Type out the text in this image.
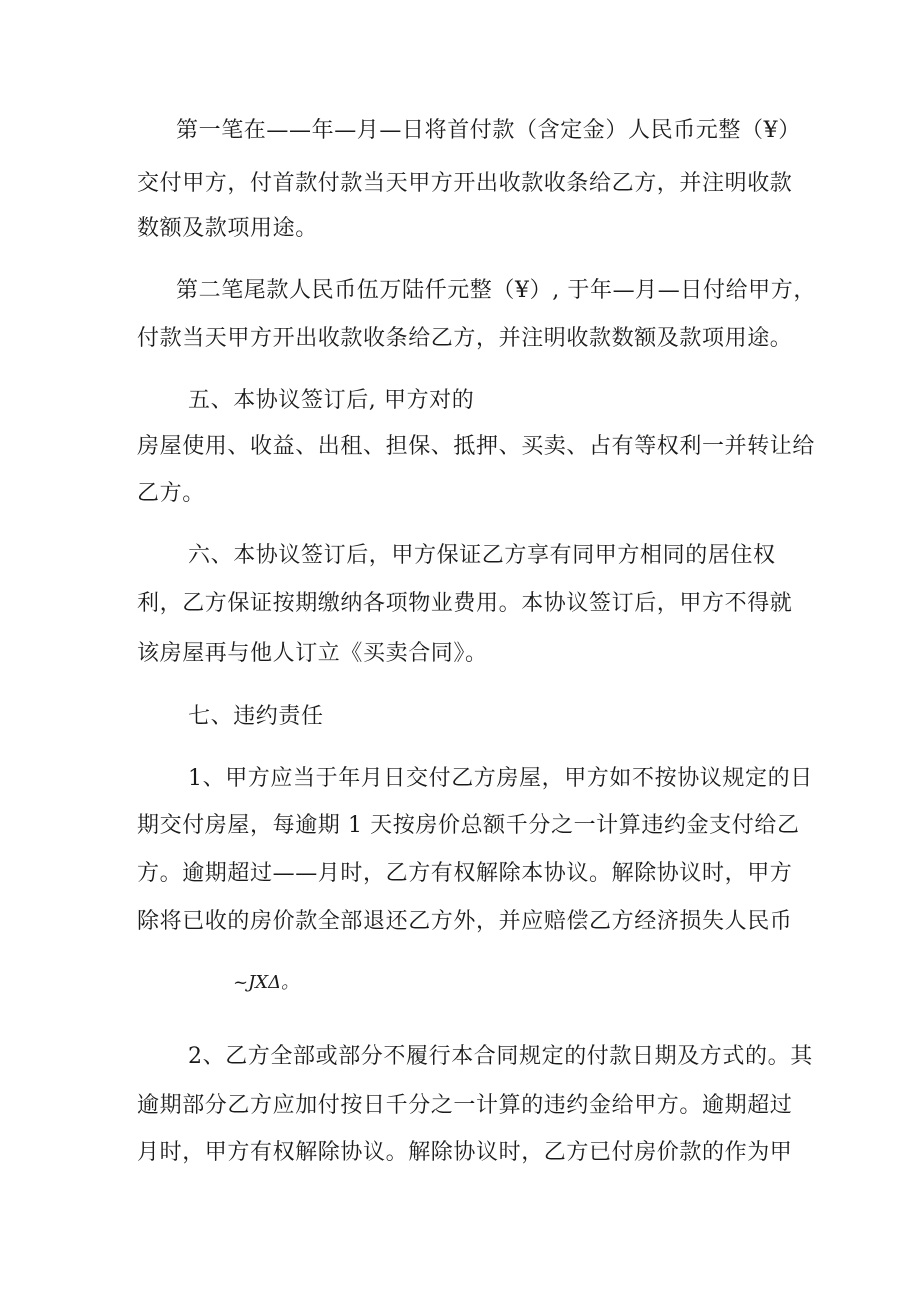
第一笔在——年—月—日将首付款（含定金）人民币元整（¥）
交付甲方，付首款付款当天甲方开出收款收条给乙方，并注明收款
数额及款项用途。
第二笔尾款人民币伍万陆仟元整（¥）, 于年—月—日付给甲方，
付款当天甲方开出收款收条给乙方，并注明收款数额及款项用途。
五、本协议签订后, 甲方对的
房屋使用、收益、出租、担保、抵押、买卖、占有等权利一并转让给
乙方。
六、本协议签订后，甲方保证乙方享有同甲方相同的居住权
利，乙方保证按期缴纳各项物业费用。本协议签订后，甲方不得就
该房屋再与他人订立《买卖合同》。
七、违约责任
1、甲方应当于年月日交付乙方房屋，甲方如不按协议规定的日
期交付房屋，每逾期 1 天按房价总额千分之一计算违约金支付给乙
方。逾期超过——月时，乙方有权解除本协议。解除协议时，甲方
除将已收的房价款全部退还乙方外，并应赔偿乙方经济损失人民币
~JXΔ。
2、乙方全部或部分不履行本合同规定的付款日期及方式的。其
逾期部分乙方应加付按日千分之一计算的违约金给甲方。逾期超过
月时，甲方有权解除协议。解除协议时，乙方已付房价款的作为甲
